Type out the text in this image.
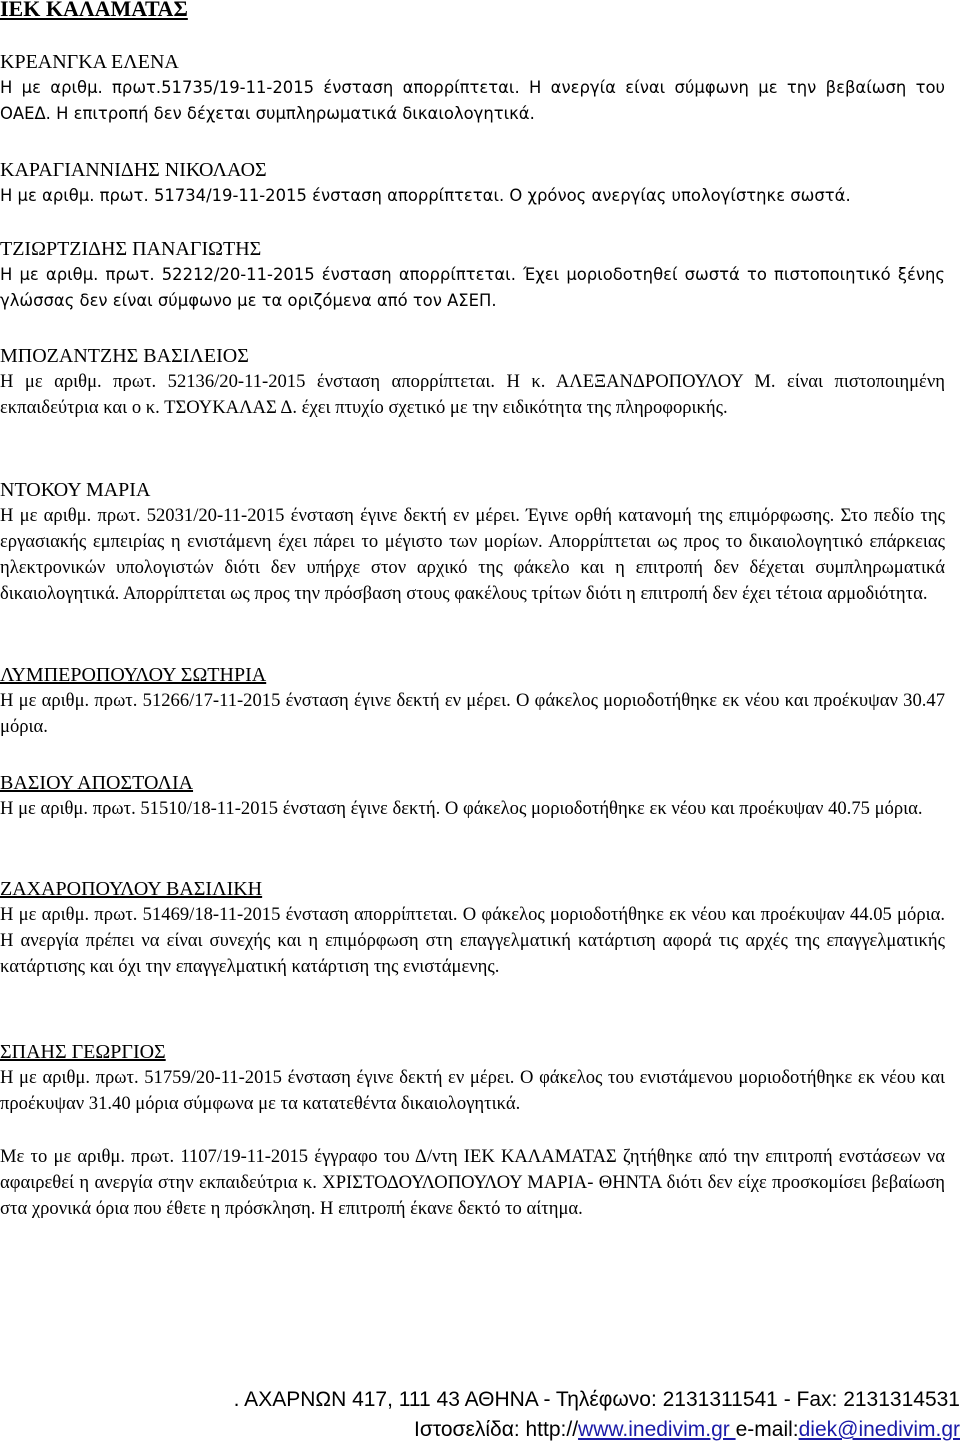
ΙΕΚ ΚΑΛΑΜΑΤΑΣ

ΚΡΕΑΝΓΚΑ ΕΛΕΝΑ

Η με αριθμ. πρωτ.51735/19-11-2015 ένσταση απορρίπτεται. Η ανεργία είναι σύμφωνη με την βεβαίωση του ΟΑΕΔ. Η επιτροπή δεν δέχεται συμπληρωματικά δικαιολογητικά.

ΚΑΡΑΓΙΑΝΝΙΔΗΣ ΝΙΚΟΛΑΟΣ

Η με αριθμ. πρωτ. 51734/19-11-2015 ένσταση απορρίπτεται. Ο χρόνος ανεργίας υπολογίστηκε σωστά.

ΤΖΙΩΡΤΖΙΔΗΣ ΠΑΝΑΓΙΩΤΗΣ

Η με αριθμ. πρωτ. 52212/20-11-2015 ένσταση απορρίπτεται. Έχει μοριοδοτηθεί σωστά το πιστοποιητικό ξένης γλώσσας δεν είναι σύμφωνο με τα οριζόμενα από τον ΑΣΕΠ.

ΜΠΟΖΑΝΤΖΗΣ ΒΑΣΙΛΕΙΟΣ

Η με αριθμ. πρωτ. 52136/20-11-2015 ένσταση απορρίπτεται. Η κ. ΑΛΕΞΑΝΔΡΟΠΟΥΛΟΥ Μ. είναι πιστοποιημένη εκπαιδεύτρια και ο κ. ΤΣΟΥΚΑΛΑΣ Δ. έχει πτυχίο σχετικό με την ειδικότητα της πληροφορικής.

ΝΤΟΚΟΥ ΜΑΡΙΑ

Η με αριθμ. πρωτ. 52031/20-11-2015 ένσταση έγινε δεκτή εν μέρει. Έγινε ορθή κατανομή της επιμόρφωσης. Στο πεδίο της εργασιακής εμπειρίας η ενιστάμενη έχει πάρει το μέγιστο των μορίων. Απορρίπτεται ως προς το δικαιολογητικό επάρκειας ηλεκτρονικών υπολογιστών διότι δεν υπήρχε στον αρχικό της φάκελο και η επιτροπή δεν δέχεται συμπληρωματικά δικαιολογητικά. Απορρίπτεται ως προς την πρόσβαση στους φακέλους τρίτων διότι η επιτροπή δεν έχει τέτοια αρμοδιότητα.

ΛΥΜΠΕΡΟΠΟΥΛΟΥ ΣΩΤΗΡΙΑ

Η με αριθμ. πρωτ. 51266/17-11-2015 ένσταση έγινε δεκτή εν μέρει. Ο φάκελος μοριοδοτήθηκε εκ νέου και προέκυψαν 30.47 μόρια.

ΒΑΣΙΟΥ ΑΠΟΣΤΟΛΙΑ

Η με αριθμ. πρωτ. 51510/18-11-2015 ένσταση έγινε δεκτή. Ο φάκελος μοριοδοτήθηκε εκ νέου και προέκυψαν 40.75 μόρια.

ΖΑΧΑΡΟΠΟΥΛΟΥ ΒΑΣΙΛΙΚΗ

Η με αριθμ. πρωτ. 51469/18-11-2015 ένσταση απορρίπτεται. Ο φάκελος μοριοδοτήθηκε εκ νέου και προέκυψαν 44.05 μόρια. Η ανεργία πρέπει να είναι συνεχής και η επιμόρφωση στη επαγγελματική κατάρτιση αφορά τις αρχές της επαγγελματικής κατάρτισης και όχι την επαγγελματική κατάρτιση της ενιστάμενης.

ΣΠΑΗΣ ΓΕΩΡΓΙΟΣ

Η με αριθμ. πρωτ. 51759/20-11-2015 ένσταση έγινε δεκτή εν μέρει. Ο φάκελος του ενιστάμενου μοριοδοτήθηκε εκ νέου και προέκυψαν 31.40 μόρια σύμφωνα με τα κατατεθέντα δικαιολογητικά.

Με το με αριθμ. πρωτ. 1107/19-11-2015 έγγραφο του Δ/ντη ΙΕΚ ΚΑΛΑΜΑΤΑΣ ζητήθηκε από την επιτροπή ενστάσεων να αφαιρεθεί η ανεργία στην εκπαιδεύτρια κ. ΧΡΙΣΤΟΔΟΥΛΟΠΟΥΛΟΥ ΜΑΡΙΑ- ΘΗΝΤΑ διότι δεν είχε προσκομίσει βεβαίωση στα χρονικά όρια που έθετε η πρόσκληση. Η επιτροπή έκανε δεκτό το αίτημα.

. ΑΧΑΡΝΩΝ 417, 111 43 ΑΘΗΝΑ - Τηλέφωνο: 2131311541 - Fax: 2131314531
Ιστοσελίδα: http://www.inedivim.gr e-mail:diek@inedivim.gr
